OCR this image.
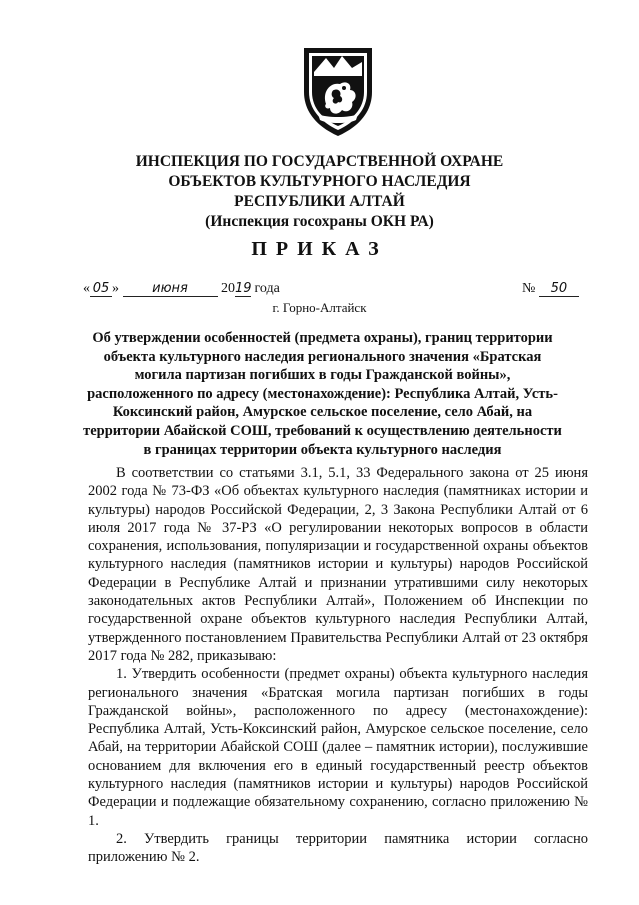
ИНСПЕКЦИЯ ПО ГОСУДАРСТВЕННОЙ ОХРАНЕ
ОБЪЕКТОВ КУЛЬТУРНОГО НАСЛЕДИЯ
РЕСПУБЛИКИ АЛТАЙ
(Инспекция госохраны ОКН РА)
ПРИКАЗ
« 05 »	июня 2019 года	№ 50
г. Горно-Алтайск
Об утверждении особенностей (предмета охраны), границ территории
объекта культурного наследия регионального значения «Братская
могила партизан погибших в годы Гражданской войны»,
расположенного по адресу (местонахождение): Республика Алтай, Усть-
Коксинский район, Амурское сельское поселение, село Абай, на
территории Абайской СОШ, требований к осуществлению деятельности
в границах территории объекта культурного наследия

В соответствии со статьями 3.1, 5.1, 33 Федерального закона от 25 июня 2002 года № 73-ФЗ «Об объектах культурного наследия (памятниках истории и культуры) народов Российской Федерации, 2, 3 Закона Республики Алтай от 6 июля 2017 года № 37-РЗ «О регулировании некоторых вопросов в области сохранения, использования, популяризации и государственной охраны объектов культурного наследия (памятников истории и культуры) народов Российской Федерации в Республике Алтай и признании утратившими силу некоторых законодательных актов Республики Алтай», Положением об Инспекции по государственной охране объектов культурного наследия Республики Алтай, утвержденного постановлением Правительства Республики Алтай от 23 октября 2017 года № 282, приказываю:

1. Утвердить особенности (предмет охраны) объекта культурного наследия регионального значения «Братская могила партизан погибших в годы Гражданской войны», расположенного по адресу (местонахождение): Республика Алтай, Усть-Коксинский район, Амурское сельское поселение, село Абай, на территории Абайской СОШ (далее – памятник истории), послужившие основанием для включения его в единый государственный реестр объектов культурного наследия (памятников истории и культуры) народов Российской Федерации и подлежащие обязательному сохранению, согласно приложению № 1.

2. Утвердить границы территории памятника истории согласно приложению № 2.
